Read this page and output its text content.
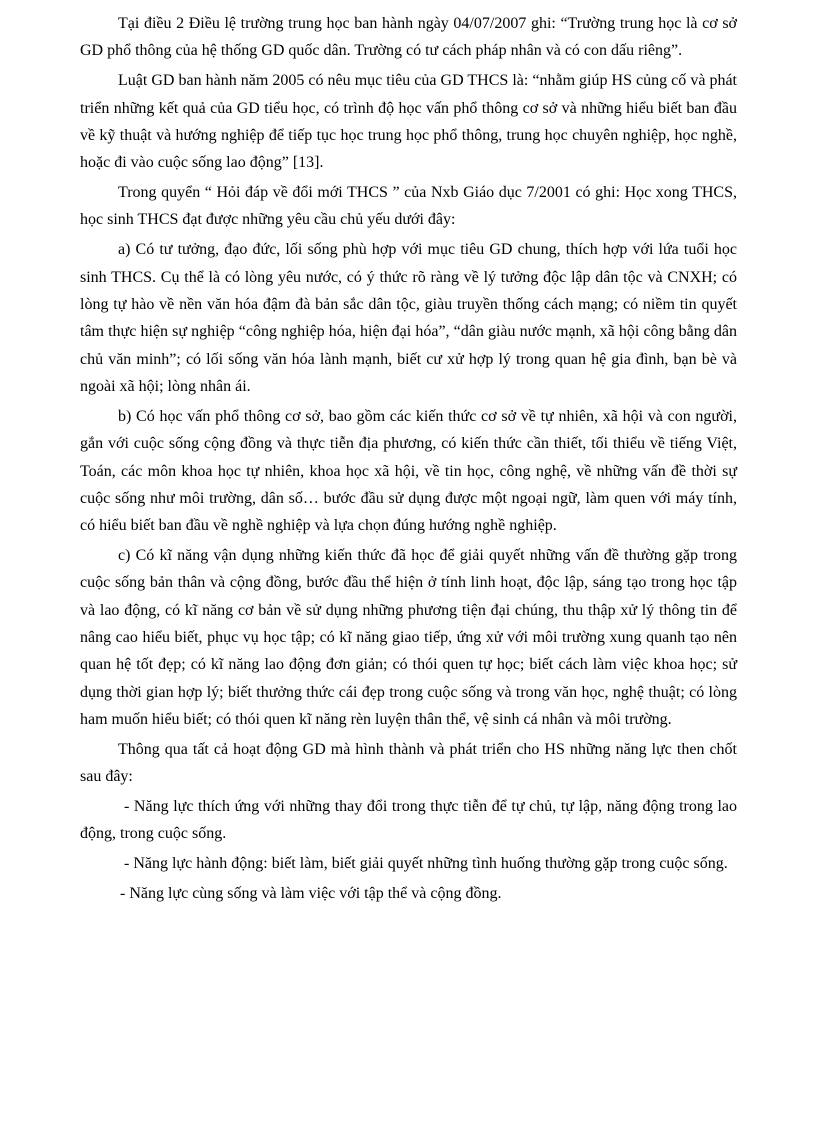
Tại điều 2 Điều lệ trường trung học ban hành ngày 04/07/2007 ghi: “Trường trung học là cơ sở GD phổ thông của hệ thống GD quốc dân. Trường có tư cách pháp nhân và có con dấu riêng”.

Luật GD ban hành năm 2005 có nêu mục tiêu của GD THCS là: “nhằm giúp HS củng cố và phát triển những kết quả của GD tiểu học, có trình độ học vấn phổ thông cơ sở và những hiểu biết ban đầu về kỹ thuật và hướng nghiệp để tiếp tục học trung học phổ thông, trung học chuyên nghiệp, học nghề, hoặc đi vào cuộc sống lao động” [13].

Trong quyển “ Hỏi đáp về đổi mới THCS ” của Nxb Giáo dục 7/2001 có ghi: Học xong THCS, học sinh THCS đạt được những yêu cầu chủ yếu dưới đây:

a) Có tư tưởng, đạo đức, lối sống phù hợp với mục tiêu GD chung, thích hợp với lứa tuổi học sinh THCS. Cụ thể là có lòng yêu nước, có ý thức rõ ràng về lý tưởng độc lập dân tộc và CNXH; có lòng tự hào về nền văn hóa đậm đà bản sắc dân tộc, giàu truyền thống cách mạng; có niềm tin quyết tâm thực hiện sự nghiệp “công nghiệp hóa, hiện đại hóa”, “dân giàu nước mạnh, xã hội công bằng dân chủ văn minh”; có lối sống văn hóa lành mạnh, biết cư xử hợp lý trong quan hệ gia đình, bạn bè và ngoài xã hội; lòng nhân ái.

b) Có học vấn phổ thông cơ sở, bao gồm các kiến thức cơ sở về tự nhiên, xã hội và con người, gắn với cuộc sống cộng đồng và thực tiễn địa phương, có kiến thức cần thiết, tối thiểu về tiếng Việt, Toán, các môn khoa học tự nhiên, khoa học xã hội, về tin học, công nghệ, về những vấn đề thời sự cuộc sống như môi trường, dân số… bước đầu sử dụng được một ngoại ngữ, làm quen với máy tính, có hiểu biết ban đầu về nghề nghiệp và lựa chọn đúng hướng nghề nghiệp.

c) Có kĩ năng vận dụng những kiến thức đã học để giải quyết những vấn đề thường gặp trong cuộc sống bản thân và cộng đồng, bước đầu thể hiện ở tính linh hoạt, độc lập, sáng tạo trong học tập và lao động, có kĩ năng cơ bản về sử dụng những phương tiện đại chúng, thu thập xử lý thông tin để nâng cao hiểu biết, phục vụ học tập; có kĩ năng giao tiếp, ứng xử với môi trường xung quanh tạo nên quan hệ tốt đẹp; có kĩ năng lao động đơn giản; có thói quen tự học; biết cách làm việc khoa học; sử dụng thời gian hợp lý; biết thưởng thức cái đẹp trong cuộc sống và trong văn học, nghệ thuật; có lòng ham muốn hiểu biết; có thói quen kĩ năng rèn luyện thân thể, vệ sinh cá nhân và môi trường.

Thông qua tất cả hoạt động GD mà hình thành và phát triển cho HS những năng lực then chốt sau đây:

- Năng lực thích ứng với những thay đổi trong thực tiễn để tự chủ, tự lập, năng động trong lao động, trong cuộc sống.

- Năng lực hành động: biết làm, biết giải quyết những tình huống thường gặp trong cuộc sống.

- Năng lực cùng sống và làm việc với tập thể và cộng đồng.
